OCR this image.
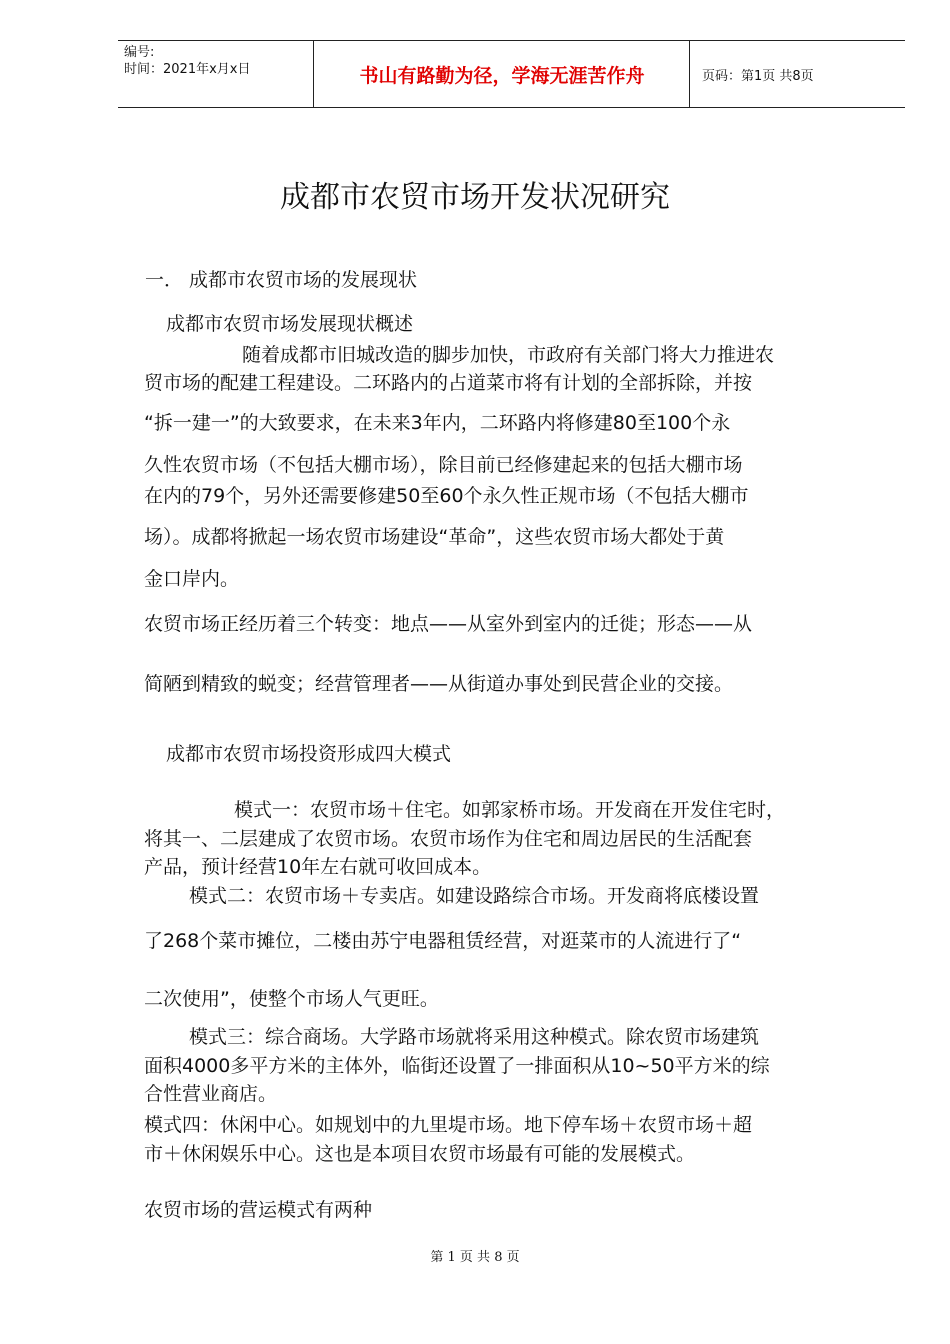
编号:
时间：2021年x月x日	书山有路勤为径，学海无涯苦作舟	页码：第1页 共8页
成都市农贸市场开发状况研究
一． 成都市农贸市场的发展现状
成都市农贸市场发展现状概述
随着成都市旧城改造的脚步加快，市政府有关部门将大力推进农
贸市场的配建工程建设。二环路内的占道菜市将有计划的全部拆除，并按
“拆一建一”的大致要求，在未来3年内，二环路内将修建80至100个永
久性农贸市场（不包括大棚市场），除目前已经修建起来的包括大棚市场
在内的79个，另外还需要修建50至60个永久性正规市场（不包括大棚市
场）。成都将掀起一场农贸市场建设“革命”，这些农贸市场大都处于黄
金口岸内。
农贸市场正经历着三个转变：地点——从室外到室内的迁徙；形态——从
简陋到精致的蜕变；经营管理者——从街道办事处到民营企业的交接。
成都市农贸市场投资形成四大模式
模式一：农贸市场＋住宅。如郭家桥市场。开发商在开发住宅时，
将其一、二层建成了农贸市场。农贸市场作为住宅和周边居民的生活配套
产品，预计经营10年左右就可收回成本。
模式二：农贸市场＋专卖店。如建设路综合市场。开发商将底楼设置
了268个菜市摊位，二楼由苏宁电器租赁经营，对逛菜市的人流进行了“
二次使用”，使整个市场人气更旺。
模式三：综合商场。大学路市场就将采用这种模式。除农贸市场建筑
面积4000多平方米的主体外，临街还设置了一排面积从10~50平方米的综
合性营业商店。
模式四：休闲中心。如规划中的九里堤市场。地下停车场＋农贸市场＋超
市＋休闲娱乐中心。这也是本项目农贸市场最有可能的发展模式。
农贸市场的营运模式有两种
第 1 页 共 8 页
